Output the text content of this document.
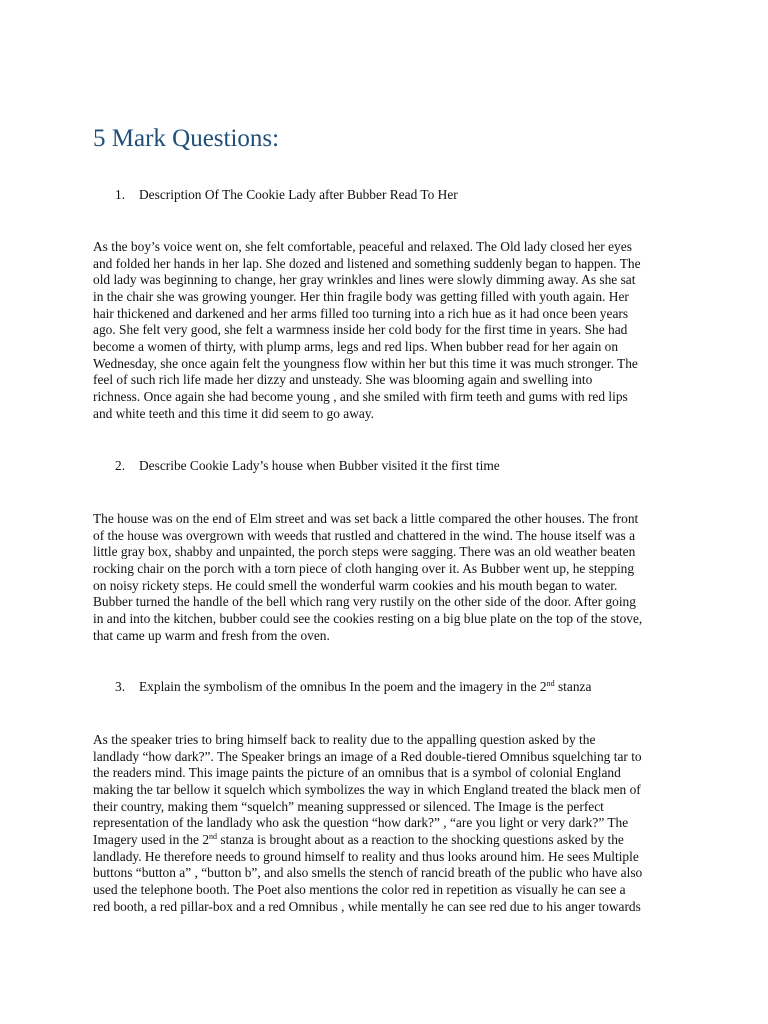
5 Mark Questions:
1. Description Of The Cookie Lady after Bubber Read To Her
As the boy’s voice went on, she felt comfortable, peaceful and relaxed. The Old lady closed her eyes
and folded her hands in her lap. She dozed and listened and something suddenly began to happen. The
old lady was beginning to change, her gray wrinkles and lines were slowly dimming away. As she sat
in the chair she was growing younger. Her thin fragile body was getting filled with youth again. Her
hair thickened and darkened and her arms filled too turning into a rich hue as it had once been years
ago. She felt very good, she felt a warmness inside her cold body for the first time in years. She had
become a women of thirty, with plump arms, legs and red lips. When bubber read for her again on
Wednesday, she once again felt the youngness flow within her but this time it was much stronger. The
feel of such rich life made her dizzy and unsteady. She was blooming again and swelling into
richness. Once again she had become young , and she smiled with firm teeth and gums with red lips
and white teeth and this time it did seem to go away.
2. Describe Cookie Lady’s house when Bubber visited it the first time
The house was on the end of Elm street and was set back a little compared the other houses. The front
of the house was overgrown with weeds that rustled and chattered in the wind. The house itself was a
little gray box, shabby and unpainted, the porch steps were sagging. There was an old weather beaten
rocking chair on the porch with a torn piece of cloth hanging over it. As Bubber went up, he stepping
on noisy rickety steps. He could smell the wonderful warm cookies and his mouth began to water.
Bubber turned the handle of the bell which rang very rustily on the other side of the door. After going
in and into the kitchen, bubber could see the cookies resting on a big blue plate on the top of the stove,
that came up warm and fresh from the oven.
3. Explain the symbolism of the omnibus In the poem and the imagery in the 2nd stanza
As the speaker tries to bring himself back to reality due to the appalling question asked by the
landlady “how dark?”. The Speaker brings an image of a Red double-tiered Omnibus squelching tar to
the readers mind. This image paints the picture of an omnibus that is a symbol of colonial England
making the tar bellow it squelch which symbolizes the way in which England treated the black men of
their country, making them “squelch” meaning suppressed or silenced. The Image is the perfect
representation of the landlady who ask the question “how dark?” , “are you light or very dark?” The
Imagery used in the 2nd stanza is brought about as a reaction to the shocking questions asked by the
landlady. He therefore needs to ground himself to reality and thus looks around him. He sees Multiple
buttons “button a” , “button b”, and also smells the stench of rancid breath of the public who have also
used the telephone booth. The Poet also mentions the color red in repetition as visually he can see a
red booth, a red pillar-box and a red Omnibus , while mentally he can see red due to his anger towards
